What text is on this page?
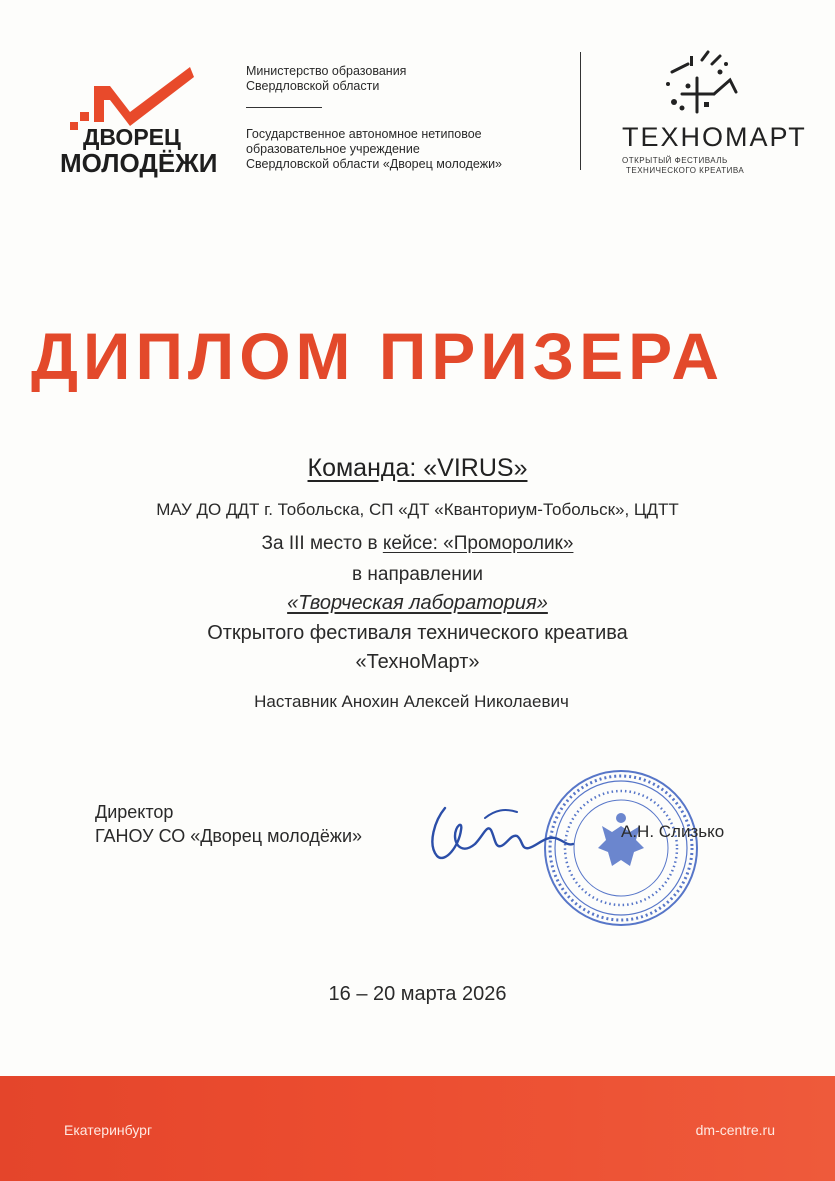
ДВОРЕЦ
МОЛОДЁЖИ
Министерство образования
Свердловской области
Государственное автономное нетиповое
образовательное учреждение
Свердловской области «Дворец молодежи»
ТЕХНОМАРТ
ОТКРЫТЫЙ ФЕСТИВАЛЬ
ТЕХНИЧЕСКОГО КРЕАТИВА
ДИПЛОМ ПРИЗЕРА
Команда: «VIRUS»
МАУ ДО ДДТ г. Тобольска, СП «ДТ «Кванториум-Тобольск», ЦДТТ
За III место в кейсе: «Проморолик»
в направлении
«Творческая лаборатория»
Открытого фестиваля технического креатива
«ТехноМарт»
Наставник Анохин Алексей Николаевич
Директор
ГАНОУ СО «Дворец молодёжи»	А.Н. Слизько
16 – 20 марта 2026
Екатеринбург	dm-centre.ru
